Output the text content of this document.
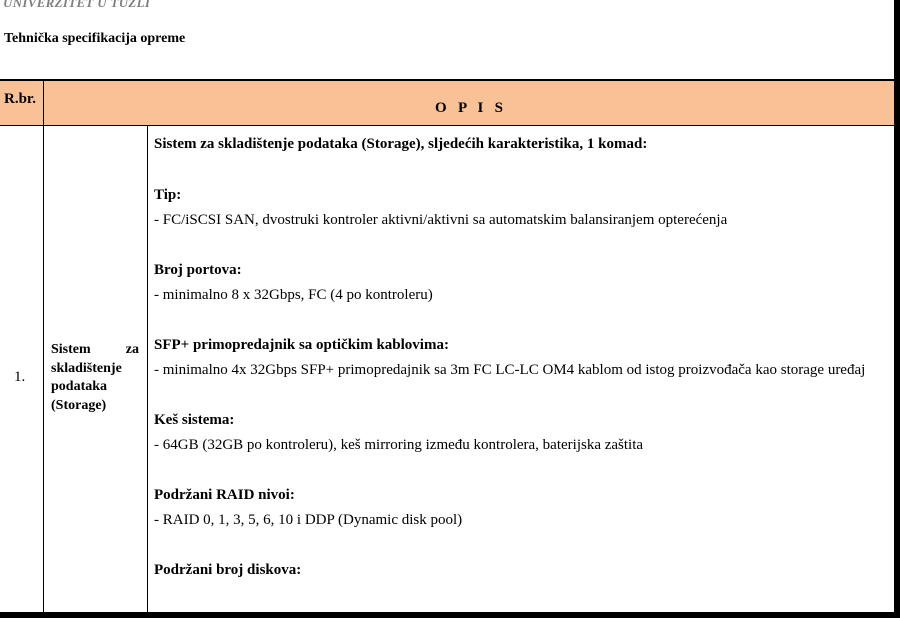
UNIVERZITET U TUZLI
Tehnička specifikacija opreme
R.br.
O P I S
1.
Sistem za skladištenje podataka (Storage)

Sistem za skladištenje podataka (Storage), sljedećih karakteristika, 1 komad:

Tip:

- FC/iSCSI SAN, dvostruki kontroler aktivni/aktivni sa automatskim balansiranjem opterećenja

Broj portova:

- minimalno 8 x 32Gbps, FC (4 po kontroleru)

SFP+ primopredajnik sa optičkim kablovima:

- minimalno 4x 32Gbps SFP+ primopredajnik sa 3m FC LC-LC OM4 kablom od istog proizvođača kao storage uređaj

Keš sistema:

- 64GB (32GB po kontroleru), keš mirroring između kontrolera, baterijska zaštita

Podržani RAID nivoi:

- RAID 0, 1, 3, 5, 6, 10 i DDP (Dynamic disk pool)

Podržani broj diskova:
